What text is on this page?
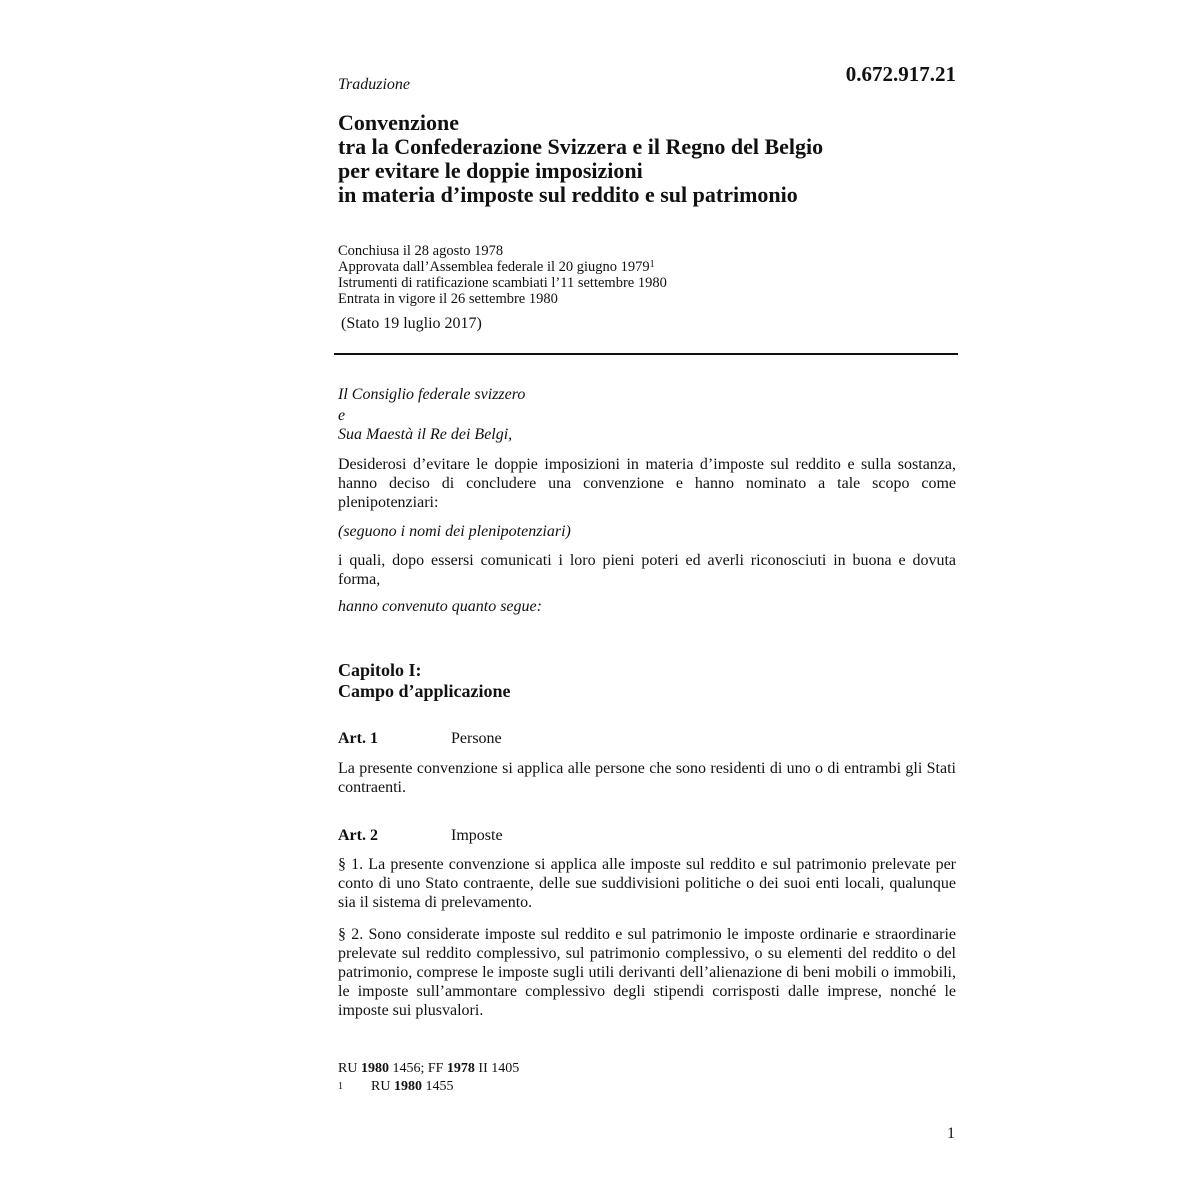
0.672.917.21
Traduzione
Convenzione
tra la Confederazione Svizzera e il Regno del Belgio
per evitare le doppie imposizioni
in materia d’imposte sul reddito e sul patrimonio
Conchiusa il 28 agosto 1978
Approvata dall’Assemblea federale il 20 giugno 1979$^1$
Istrumenti di ratificazione scambiati l’11 settembre 1980
Entrata in vigore il 26 settembre 1980
(Stato 19 luglio 2017)
Il Consiglio federale svizzero
e
Sua Maestà il Re dei Belgi,
Desiderosi d’evitare le doppie imposizioni in materia d’imposte sul reddito e sulla sostanza, hanno deciso di concludere una convenzione e hanno nominato a tale scopo come plenipotenziari:
(seguono i nomi dei plenipotenziari)
i quali, dopo essersi comunicati i loro pieni poteri ed averli riconosciuti in buona e dovuta forma,
hanno convenuto quanto segue:
Capitolo I:
Campo d’applicazione
Art. 1	Persone
La presente convenzione si applica alle persone che sono residenti di uno o di entrambi gli Stati contraenti.
Art. 2	Imposte
§ 1. La presente convenzione si applica alle imposte sul reddito e sul patrimonio prelevate per conto di uno Stato contraente, delle sue suddivisioni politiche o dei suoi enti locali, qualunque sia il sistema di prelevamento.
§ 2. Sono considerate imposte sul reddito e sul patrimonio le imposte ordinarie e straordinarie prelevate sul reddito complessivo, sul patrimonio complessivo, o su elementi del reddito o del patrimonio, comprese le imposte sugli utili derivanti dell’alienazione di beni mobili o immobili, le imposte sull’ammontare complessivo degli stipendi corrisposti dalle imprese, nonché le imposte sui plusvalori.
RU 1980 1456; FF 1978 II 1405
1 RU 1980 1455
1
